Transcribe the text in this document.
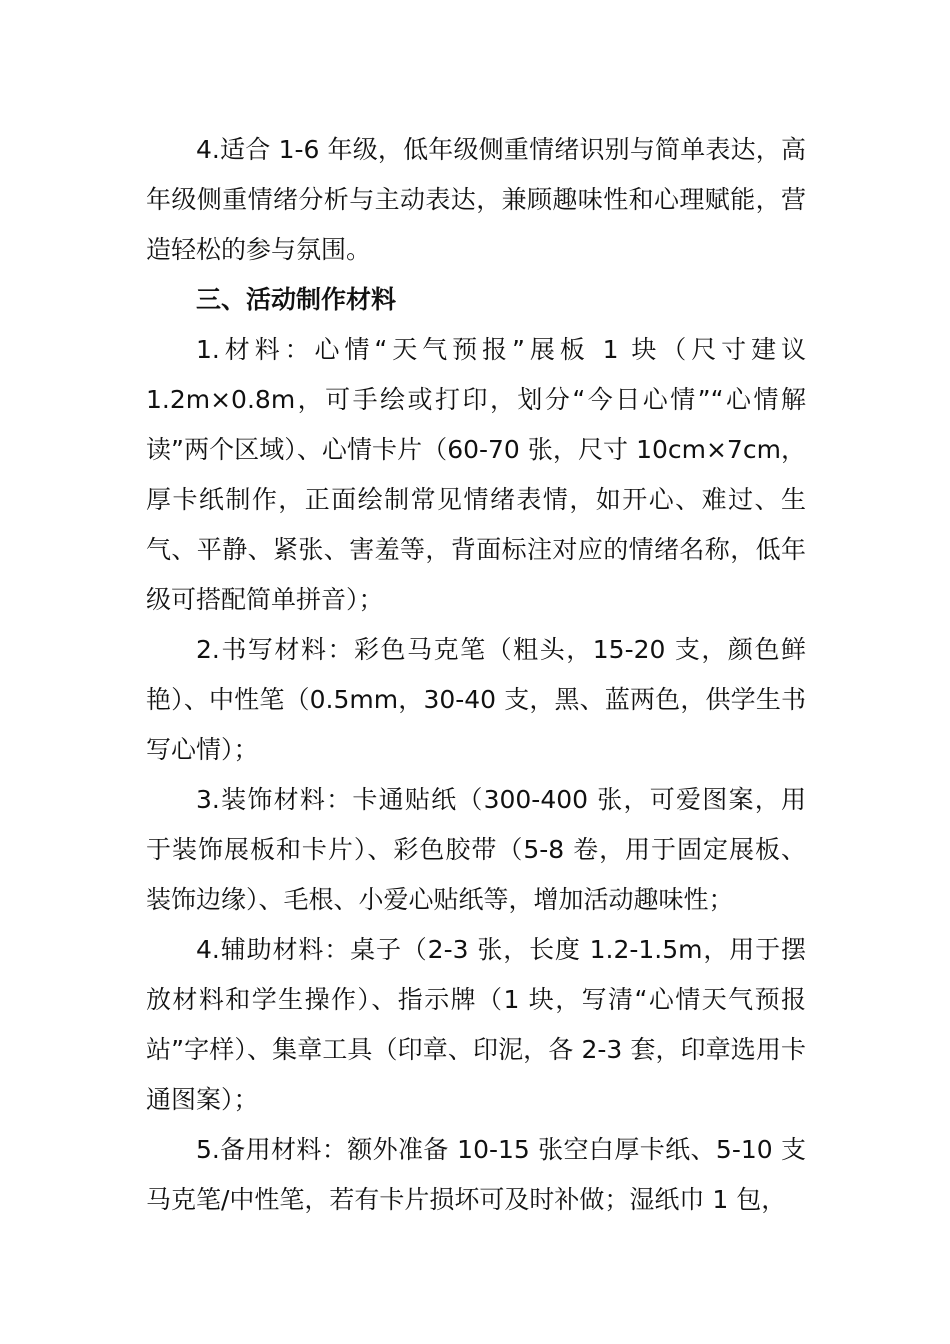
4.适合 1-6 年级，低年级侧重情绪识别与简单表达，高年级侧重情绪分析与主动表达，兼顾趣味性和心理赋能，营造轻松的参与氛围。

三、活动制作材料

1.材料：心情“天气预报”展板 1 块（尺寸建议 1.2m×0.8m，可手绘或打印，划分“今日心情”“心情解读”两个区域）、心情卡片（60-70 张，尺寸 10cm×7cm，厚卡纸制作，正面绘制常见情绪表情，如开心、难过、生气、平静、紧张、害羞等，背面标注对应的情绪名称，低年级可搭配简单拼音）；

2.书写材料：彩色马克笔（粗头，15-20 支，颜色鲜艳）、中性笔（0.5mm，30-40 支，黑、蓝两色，供学生书写心情）；

3.装饰材料：卡通贴纸（300-400 张，可爱图案，用于装饰展板和卡片）、彩色胶带（5-8 卷，用于固定展板、装饰边缘）、毛根、小爱心贴纸等，增加活动趣味性；

4.辅助材料：桌子（2-3 张，长度 1.2-1.5m，用于摆放材料和学生操作）、指示牌（1 块，写清“心情天气预报站”字样）、集章工具（印章、印泥，各 2-3 套，印章选用卡通图案）；

5.备用材料：额外准备 10-15 张空白厚卡纸、5-10 支马克笔/中性笔，若有卡片损坏可及时补做；湿纸巾 1 包，
